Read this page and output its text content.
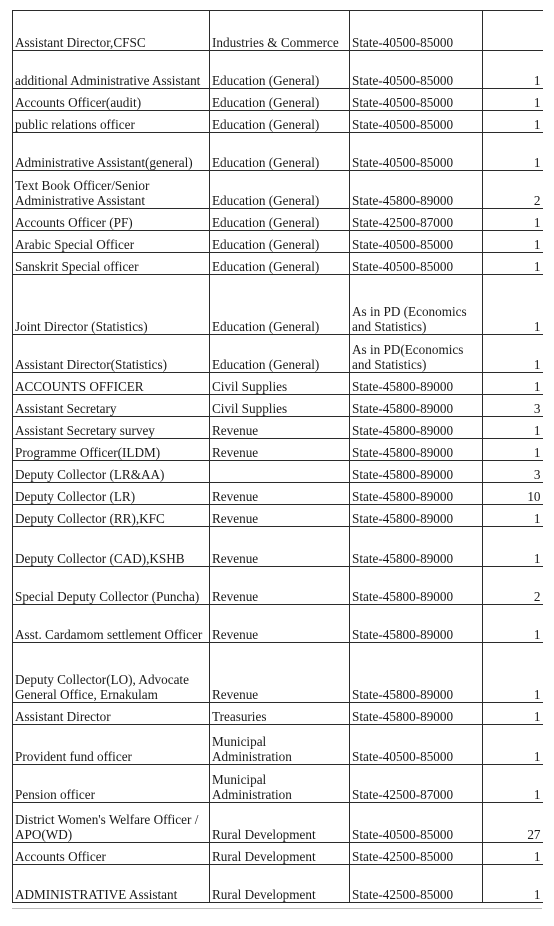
Assistant Director,CFSC	Industries & Commerce	State-40500-85000	
additional Administrative Assistant	Education (General)	State-40500-85000	1
Accounts Officer(audit)	Education (General)	State-40500-85000	1
public relations officer	Education (General)	State-40500-85000	1
Administrative Assistant(general)	Education (General)	State-40500-85000	1
Text Book Officer/Senior Administrative Assistant	Education (General)	State-45800-89000	2
Accounts Officer (PF)	Education (General)	State-42500-87000	1
Arabic Special Officer	Education (General)	State-40500-85000	1
Sanskrit Special officer	Education (General)	State-40500-85000	1
Joint Director (Statistics)	Education (General)	As in PD (Economics and Statistics)	1
Assistant Director(Statistics)	Education (General)	As in PD(Economics and Statistics)	1
ACCOUNTS OFFICER	Civil Supplies	State-45800-89000	1
Assistant Secretary	Civil Supplies	State-45800-89000	3
Assistant Secretary survey	Revenue	State-45800-89000	1
Programme Officer(ILDM)	Revenue	State-45800-89000	1
Deputy Collector (LR&AA)		State-45800-89000	3
Deputy Collector (LR)	Revenue	State-45800-89000	10
Deputy Collector (RR),KFC	Revenue	State-45800-89000	1
Deputy Collector (CAD),KSHB	Revenue	State-45800-89000	1
Special Deputy Collector (Puncha)	Revenue	State-45800-89000	2
Asst. Cardamom settlement Officer	Revenue	State-45800-89000	1
Deputy Collector(LO), Advocate General Office, Ernakulam	Revenue	State-45800-89000	1
Assistant Director	Treasuries	State-45800-89000	1
Provident fund officer	Municipal Administration	State-40500-85000	1
Pension officer	Municipal Administration	State-42500-87000	1
District Women's Welfare Officer / APO(WD)	Rural Development	State-40500-85000	27
Accounts Officer	Rural Development	State-42500-85000	1
ADMINISTRATIVE Assistant	Rural Development	State-42500-85000	1
